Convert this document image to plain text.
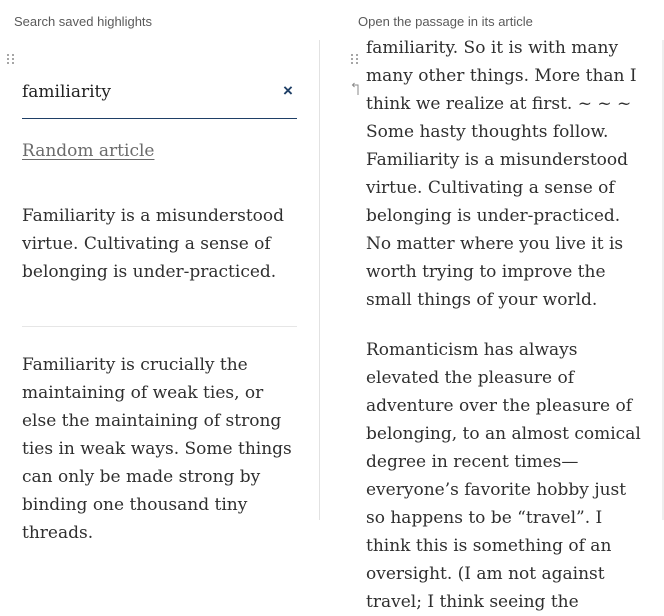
Search saved highlights	Open the passage in its article
familiarity
×
Random article

Familiarity is a misunderstood virtue. Cultivating a sense of belonging is under-practiced.

Familiarity is crucially the maintaining of weak ties, or else the maintaining of strong ties in weak ways. Some things can only be made strong by binding one thousand tiny threads.

familiarity. So it is with many many other things. More than I think we realize at first. ~ ~ ~ Some hasty thoughts follow. Familiarity is a misunderstood virtue. Cultivating a sense of belonging is under-practiced. No matter where you live it is worth trying to improve the small things of your world.

Romanticism has always elevated the pleasure of adventure over the pleasure of belonging, to an almost comical degree in recent times—everyone’s favorite hobby just so happens to be “travel”. I think this is something of an oversight. (I am not against travel; I think seeing the
